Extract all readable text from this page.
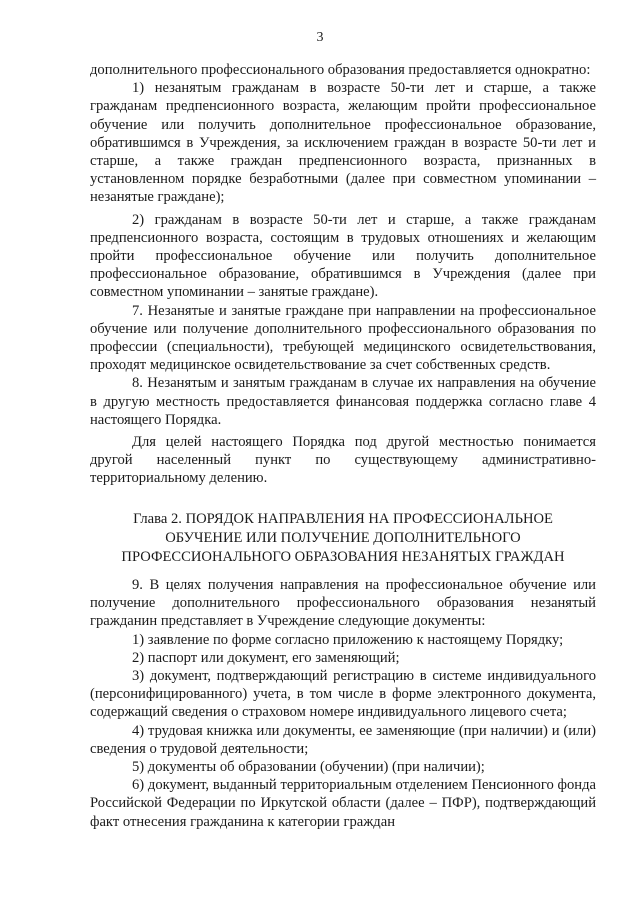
3

дополнительного профессионального образования предоставляется однократно:

1) незанятым гражданам в возрасте 50-ти лет и старше, а также гражданам предпенсионного возраста, желающим пройти профессиональное обучение или получить дополнительное профессиональное образование, обратившимся в Учреждения, за исключением граждан в возрасте 50-ти лет и старше, а также граждан предпенсионного возраста, признанных в установленном порядке безработными (далее при совместном упоминании – незанятые граждане);

2) гражданам в возрасте 50-ти лет и старше, а также гражданам предпенсионного возраста, состоящим в трудовых отношениях и желающим пройти профессиональное обучение или получить дополнительное профессиональное образование, обратившимся в Учреждения (далее при совместном упоминании – занятые граждане).

7. Незанятые и занятые граждане при направлении на профессиональное обучение или получение дополнительного профессионального образования по профессии (специальности), требующей медицинского освидетельствования, проходят медицинское освидетельствование за счет собственных средств.

8. Незанятым и занятым гражданам в случае их направления на обучение в другую местность предоставляется финансовая поддержка согласно главе 4 настоящего Порядка.

Для целей настоящего Порядка под другой местностью понимается другой населенный пункт по существующему административно-территориальному делению.

Глава 2. ПОРЯДОК НАПРАВЛЕНИЯ НА ПРОФЕССИОНАЛЬНОЕ
ОБУЧЕНИЕ ИЛИ ПОЛУЧЕНИЕ ДОПОЛНИТЕЛЬНОГО
ПРОФЕССИОНАЛЬНОГО ОБРАЗОВАНИЯ НЕЗАНЯТЫХ ГРАЖДАН

9. В целях получения направления на профессиональное обучение или получение дополнительного профессионального образования незанятый гражданин представляет в Учреждение следующие документы:

1) заявление по форме согласно приложению к настоящему Порядку;

2) паспорт или документ, его заменяющий;

3) документ, подтверждающий регистрацию в системе индивидуального (персонифицированного) учета, в том числе в форме электронного документа, содержащий сведения о страховом номере индивидуального лицевого счета;

4) трудовая книжка или документы, ее заменяющие (при наличии) и (или) сведения о трудовой деятельности;

5) документы об образовании (обучении) (при наличии);

6) документ, выданный территориальным отделением Пенсионного фонда Российской Федерации по Иркутской области (далее – ПФР), подтверждающий факт отнесения гражданина к категории граждан
